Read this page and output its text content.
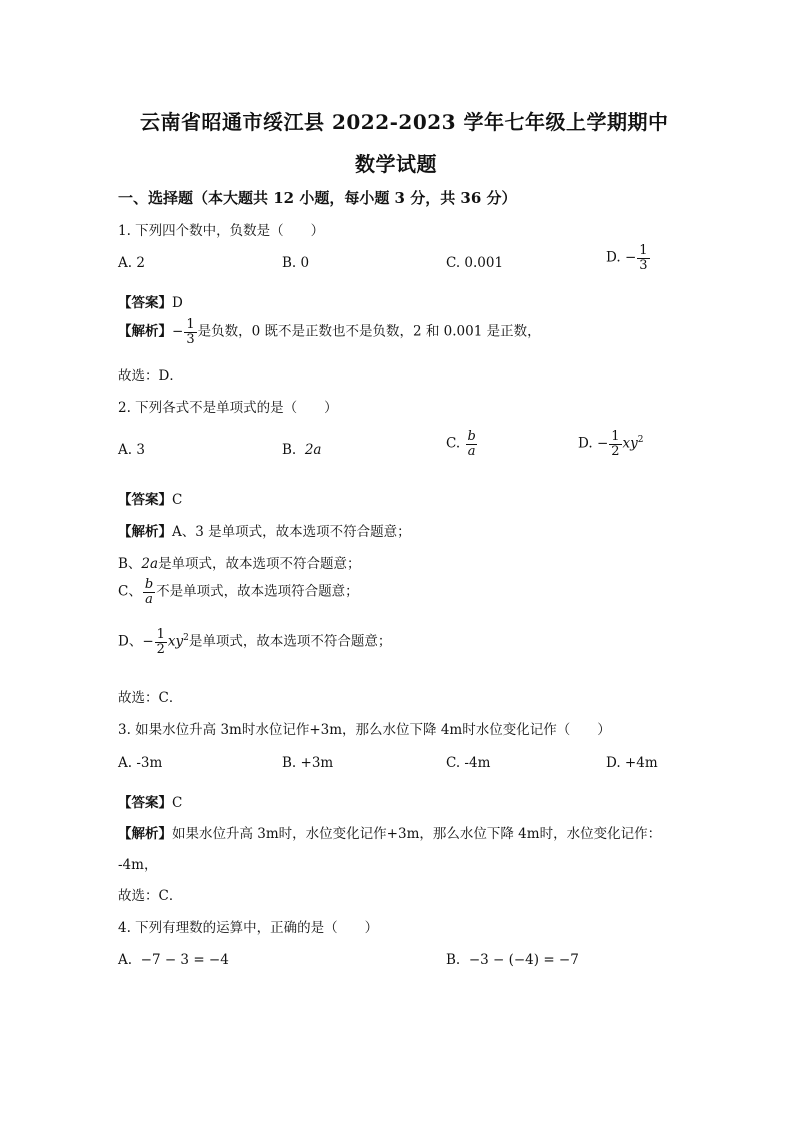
云南省昭通市绥江县 2022-2023 学年七年级上学期期中
数学试题
一、选择题（本大题共 12 小题，每小题 3 分，共 36 分）
1. 下列四个数中，负数是（　　）
A. 2	B. 0	C. 0.001	D. − $\frac{1}{3}$
【答案】D
【解析】− $\frac{1}{3}$ 是负数，0 既不是正数也不是负数，2 和 0.001 是正数，
故选：D．
2. 下列各式不是单项式的是（　　）
A. 3	B. 2a	C. $\frac{b}{a}$	D. − $\frac{1}{2} xy^2$
【答案】C
【解析】A、3 是单项式，故本选项不符合题意；
B、2a是单项式，故本选项不符合题意；
C、 $\frac{b}{a}$ 不是单项式，故本选项符合题意；
D、− $\frac{1}{2} xy^2$是单项式，故本选项不符合题意；
故选：C．
3. 如果水位升高 3m时水位记作+3m，那么水位下降 4m时水位变化记作（　　）
A. -3m	B. +3m	C. -4m	D. +4m
【答案】C
【解析】如果水位升高 3m时，水位变化记作+3m，那么水位下降 4m时，水位变化记作：
-4m，
故选：C．
4. 下列有理数的运算中，正确的是（　　）
A. −7 − 3 = −4	B. −3 − (−4) = −7
